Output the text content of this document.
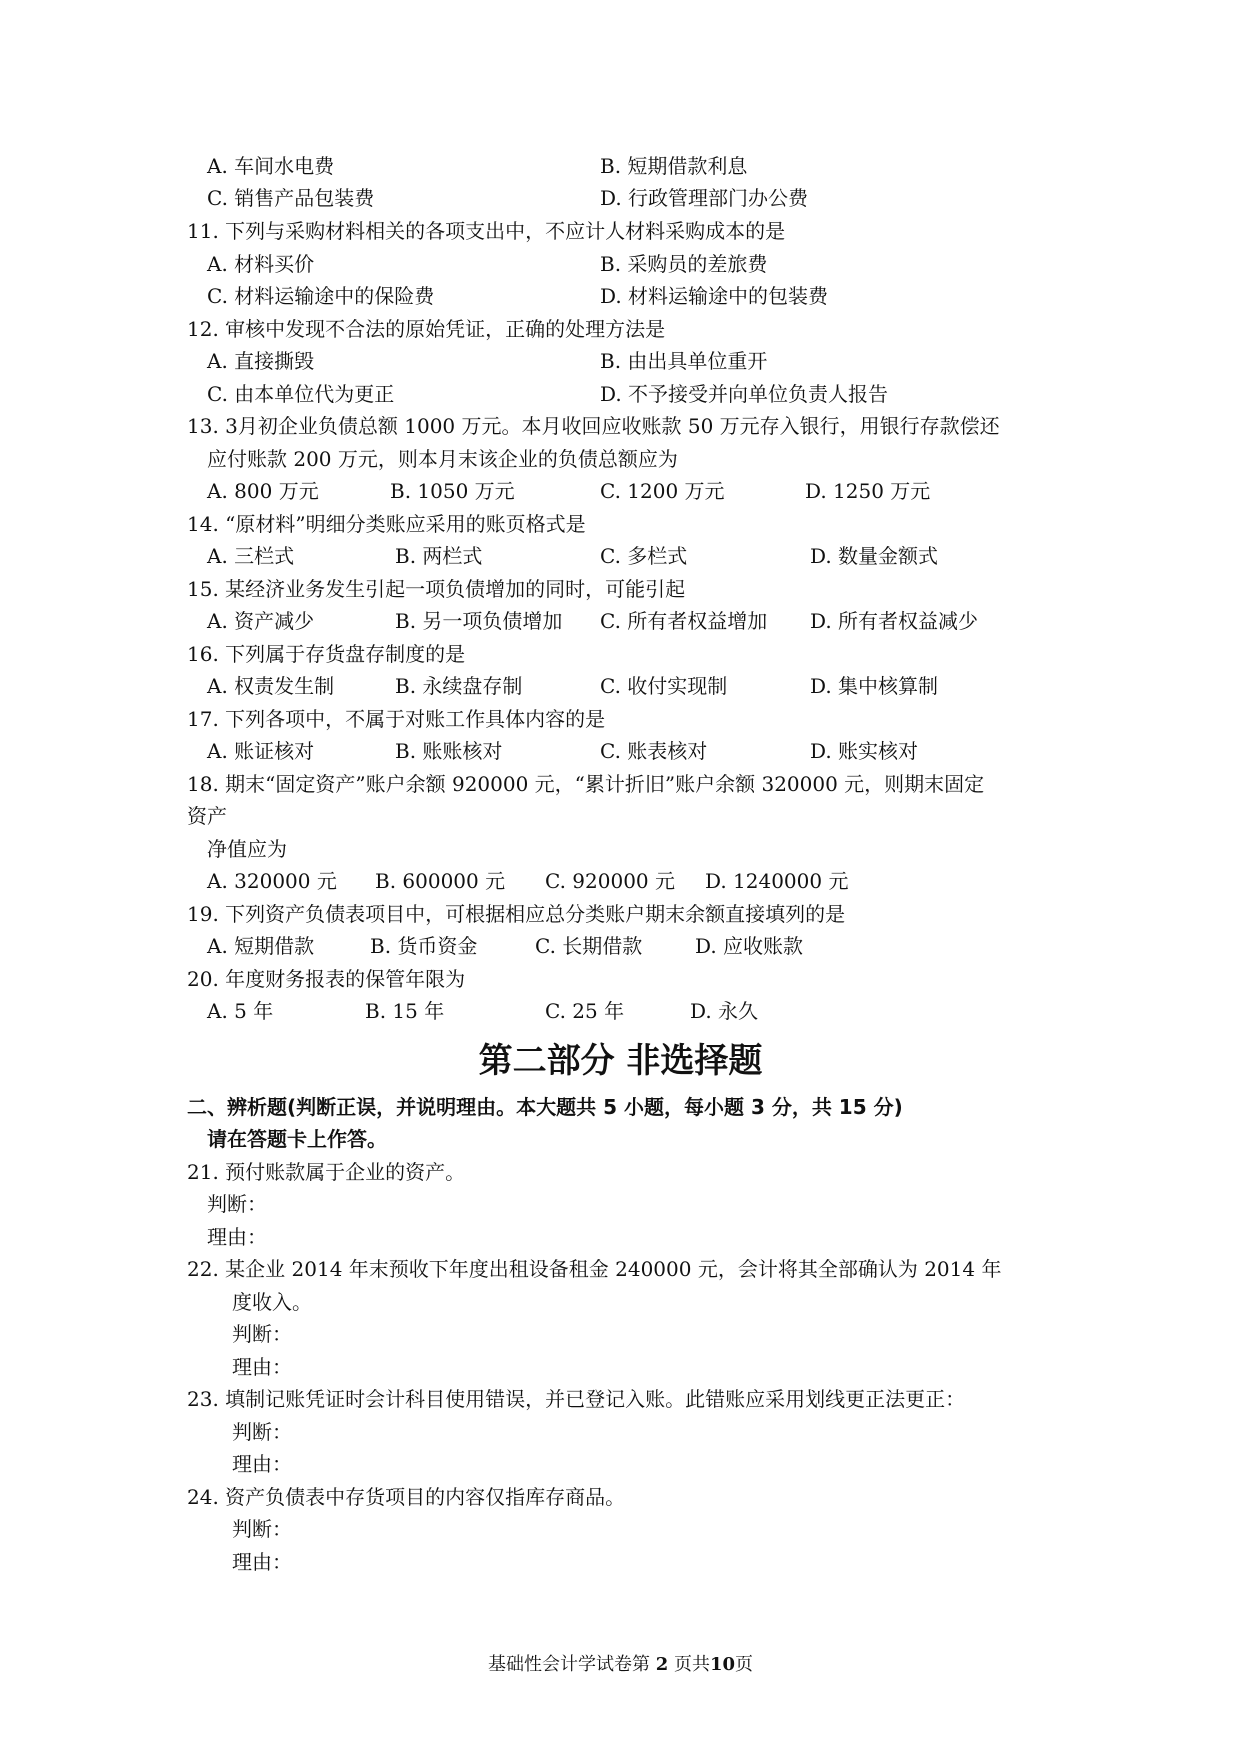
A. 车间水电费	B. 短期借款利息
C. 销售产品包装费	D. 行政管理部门办公费
11. 下列与采购材料相关的各项支出中，不应计人材料采购成本的是
A. 材料买价	B. 采购员的差旅费
C. 材料运输途中的保险费	D. 材料运输途中的包装费
12. 审核中发现不合法的原始凭证，正确的处理方法是
A. 直接撕毁	B. 由出具单位重开
C. 由本单位代为更正	D. 不予接受并向单位负责人报告
13. 3月初企业负债总额 1000 万元。本月收回应收账款 50 万元存入银行，用银行存款偿还
应付账款 200 万元，则本月末该企业的负债总额应为
A. 800 万元	B. 1050 万元	C. 1200 万元	D. 1250 万元
14. “原材料”明细分类账应采用的账页格式是
A. 三栏式	B. 两栏式	C. 多栏式	D. 数量金额式
15. 某经济业务发生引起一项负债增加的同时，可能引起
A. 资产减少	B. 另一项负债增加 C. 所有者权益增加 D. 所有者权益减少
16. 下列属于存货盘存制度的是
A. 权责发生制	B. 永续盘存制	C. 收付实现制	D. 集中核算制
17. 下列各项中，不属于对账工作具体内容的是
A. 账证核对	B. 账账核对	C. 账表核对	D. 账实核对
18. 期末“固定资产”账户余额 920000 元，“累计折旧”账户余额 320000 元，则期末固定
资产
净值应为
A. 320000 元 B. 600000 元 C. 920000 元 D. 1240000 元
19. 下列资产负债表项目中，可根据相应总分类账户期末余额直接填列的是
A. 短期借款	B. 货币资金	C. 长期借款	D. 应收账款
20. 年度财务报表的保管年限为
A. 5 年	B. 15 年	C. 25 年	D. 永久
第二部分 非选择题
二、辨析题(判断正误，并说明理由。本大题共 5 小题，每小题 3 分，共 15 分)
请在答题卡上作答。
21. 预付账款属于企业的资产。
判断：
理由：
22. 某企业 2014 年末预收下年度出租设备租金 240000 元，会计将其全部确认为 2014 年
度收入。
判断：
理由：
23. 填制记账凭证时会计科目使用错误，并已登记入账。此错账应采用划线更正法更正：
判断：
理由：
24. 资产负债表中存货项目的内容仅指库存商品。
判断：
理由：
基础性会计学试卷第 2 页共10页
